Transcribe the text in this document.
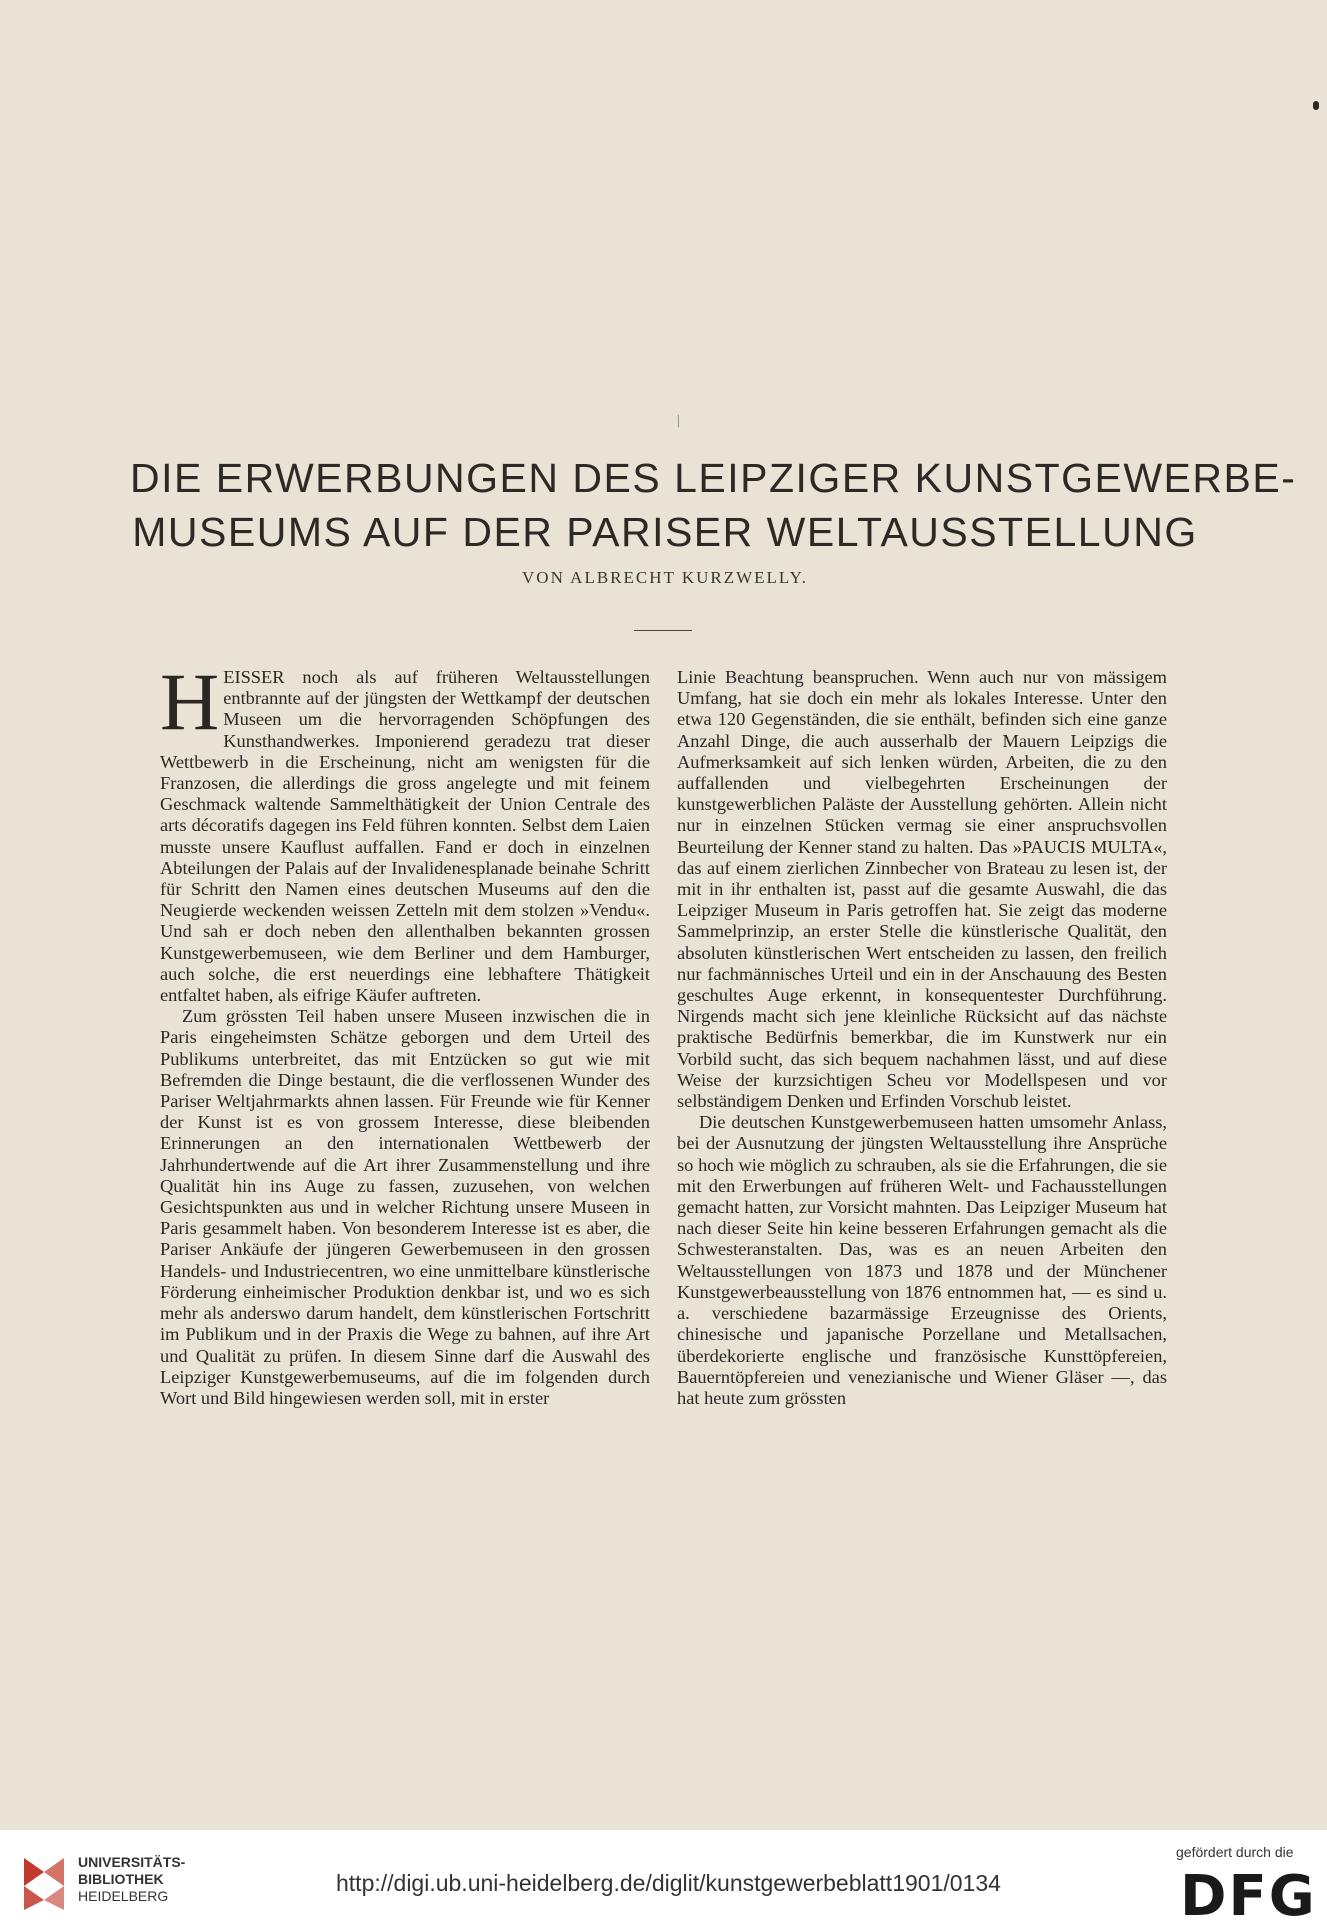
/
DIE ERWERBUNGEN DES LEIPZIGER KUNSTGEWERBE-
MUSEUMS AUF DER PARISER WELTAUSSTELLUNG
VON ALBRECHT KURZWELLY.

HEISSER noch als auf früheren Weltausstellungen entbrannte auf der jüngsten der Wettkampf der deutschen Museen um die hervorragenden Schöpfungen des Kunsthandwerkes. Imponierend geradezu trat dieser Wettbewerb in die Erscheinung, nicht am wenigsten für die Franzosen, die allerdings die gross angelegte und mit feinem Geschmack waltende Sammelthätigkeit der Union Centrale des arts décoratifs dagegen ins Feld führen konnten. Selbst dem Laien musste unsere Kauflust auffallen. Fand er doch in einzelnen Abteilungen der Palais auf der Invalidenesplanade beinahe Schritt für Schritt den Namen eines deutschen Museums auf den die Neugierde weckenden weissen Zetteln mit dem stolzen »Vendu«. Und sah er doch neben den allenthalben bekannten grossen Kunstgewerbemuseen, wie dem Berliner und dem Hamburger, auch solche, die erst neuerdings eine lebhaftere Thätigkeit entfaltet haben, als eifrige Käufer auftreten.

Zum grössten Teil haben unsere Museen inzwischen die in Paris eingeheimsten Schätze geborgen und dem Urteil des Publikums unterbreitet, das mit Entzücken so gut wie mit Befremden die Dinge bestaunt, die die verflossenen Wunder des Pariser Weltjahrmarkts ahnen lassen. Für Freunde wie für Kenner der Kunst ist es von grossem Interesse, diese bleibenden Erinnerungen an den internationalen Wettbewerb der Jahrhundertwende auf die Art ihrer Zusammenstellung und ihre Qualität hin ins Auge zu fassen, zuzusehen, von welchen Gesichtspunkten aus und in welcher Richtung unsere Museen in Paris gesammelt haben. Von besonderem Interesse ist es aber, die Pariser Ankäufe der jüngeren Gewerbemuseen in den grossen Handels- und Industriecentren, wo eine unmittelbare künstlerische Förderung einheimischer Produktion denkbar ist, und wo es sich mehr als anderswo darum handelt, dem künstlerischen Fortschritt im Publikum und in der Praxis die Wege zu bahnen, auf ihre Art und Qualität zu prüfen. In diesem Sinne darf die Auswahl des Leipziger Kunstgewerbemuseums, auf die im folgenden durch Wort und Bild hingewiesen werden soll, mit in erster

Linie Beachtung beanspruchen. Wenn auch nur von mässigem Umfang, hat sie doch ein mehr als lokales Interesse. Unter den etwa 120 Gegenständen, die sie enthält, befinden sich eine ganze Anzahl Dinge, die auch ausserhalb der Mauern Leipzigs die Aufmerksamkeit auf sich lenken würden, Arbeiten, die zu den auffallenden und vielbegehrten Erscheinungen der kunstgewerblichen Paläste der Ausstellung gehörten. Allein nicht nur in einzelnen Stücken vermag sie einer anspruchsvollen Beurteilung der Kenner stand zu halten. Das »PAUCIS MULTA«, das auf einem zierlichen Zinnbecher von Brateau zu lesen ist, der mit in ihr enthalten ist, passt auf die gesamte Auswahl, die das Leipziger Museum in Paris getroffen hat. Sie zeigt das moderne Sammelprinzip, an erster Stelle die künstlerische Qualität, den absoluten künstlerischen Wert entscheiden zu lassen, den freilich nur fachmännisches Urteil und ein in der Anschauung des Besten geschultes Auge erkennt, in konsequentester Durchführung. Nirgends macht sich jene kleinliche Rücksicht auf das nächste praktische Bedürfnis bemerkbar, die im Kunstwerk nur ein Vorbild sucht, das sich bequem nachahmen lässt, und auf diese Weise der kurzsichtigen Scheu vor Modellspesen und vor selbständigem Denken und Erfinden Vorschub leistet.

Die deutschen Kunstgewerbemuseen hatten umsomehr Anlass, bei der Ausnutzung der jüngsten Weltausstellung ihre Ansprüche so hoch wie möglich zu schrauben, als sie die Erfahrungen, die sie mit den Erwerbungen auf früheren Welt- und Fachausstellungen gemacht hatten, zur Vorsicht mahnten. Das Leipziger Museum hat nach dieser Seite hin keine besseren Erfahrungen gemacht als die Schwesteranstalten. Das, was es an neuen Arbeiten den Weltausstellungen von 1873 und 1878 und der Münchener Kunstgewerbeausstellung von 1876 entnommen hat, — es sind u. a. verschiedene bazarmässige Erzeugnisse des Orients, chinesische und japanische Porzellane und Metallsachen, überdekorierte englische und französische Kunsttöpfereien, Bauerntöpfereien und venezianische und Wiener Gläser —, das hat heute zum grössten

UNIVERSITÄTS-
BIBLIOTHEK
HEIDELBERG	http://digi.ub.uni-heidelberg.de/diglit/kunstgewerbeblatt1901/0134
gefördert durch die
DFG
